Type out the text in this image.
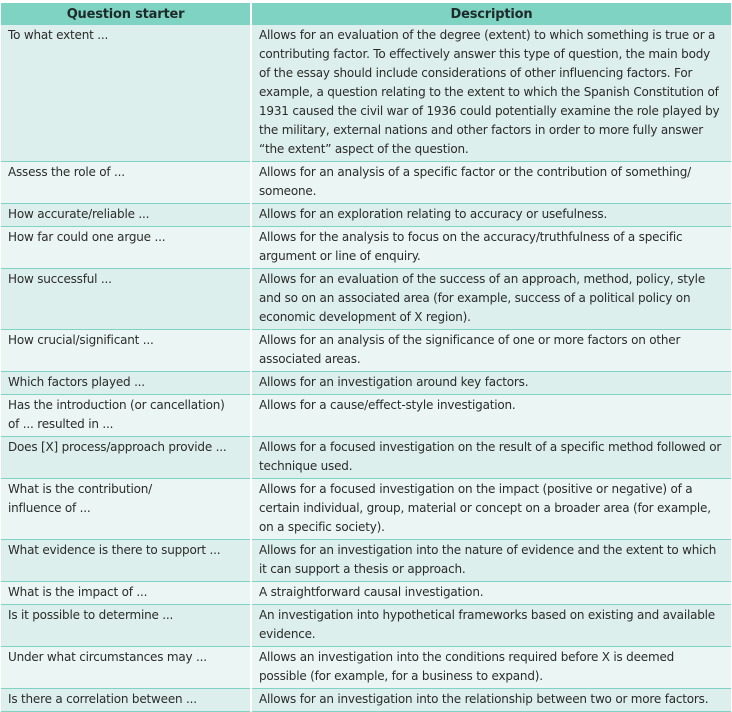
Question starter	Description
To what extent ...	Allows for an evaluation of the degree (extent) to which something is true or a contributing factor. To effectively answer this type of question, the main body of the essay should include considerations of other influencing factors. For example, a question relating to the extent to which the Spanish Constitution of 1931 caused the civil war of 1936 could potentially examine the role played by the military, external nations and other factors in order to more fully answer “the extent” aspect of the question.
Assess the role of ...	Allows for an analysis of a specific factor or the contribution of something/ someone.
How accurate/reliable ...	Allows for an exploration relating to accuracy or usefulness.
How far could one argue ...	Allows for the analysis to focus on the accuracy/truthfulness of a specific argument or line of enquiry.
How successful ...	Allows for an evaluation of the success of an approach, method, policy, style and so on an associated area (for example, success of a political policy on economic development of X region).
How crucial/significant ...	Allows for an analysis of the significance of one or more factors on other associated areas.
Which factors played ...	Allows for an investigation around key factors.
Has the introduction (or cancellation)
of ... resulted in ...	Allows for a cause/effect-style investigation.
Does [X] process/approach provide ...	Allows for a focused investigation on the result of a specific method followed or technique used.
What is the contribution/
influence of ...	Allows for a focused investigation on the impact (positive or negative) of a certain individual, group, material or concept on a broader area (for example, on a specific society).
What evidence is there to support ...	Allows for an investigation into the nature of evidence and the extent to which it can support a thesis or approach.
What is the impact of ...	A straightforward causal investigation.
Is it possible to determine ...	An investigation into hypothetical frameworks based on existing and available evidence.
Under what circumstances may ...	Allows an investigation into the conditions required before X is deemed possible (for example, for a business to expand).
Is there a correlation between ...	Allows for an investigation into the relationship between two or more factors.
